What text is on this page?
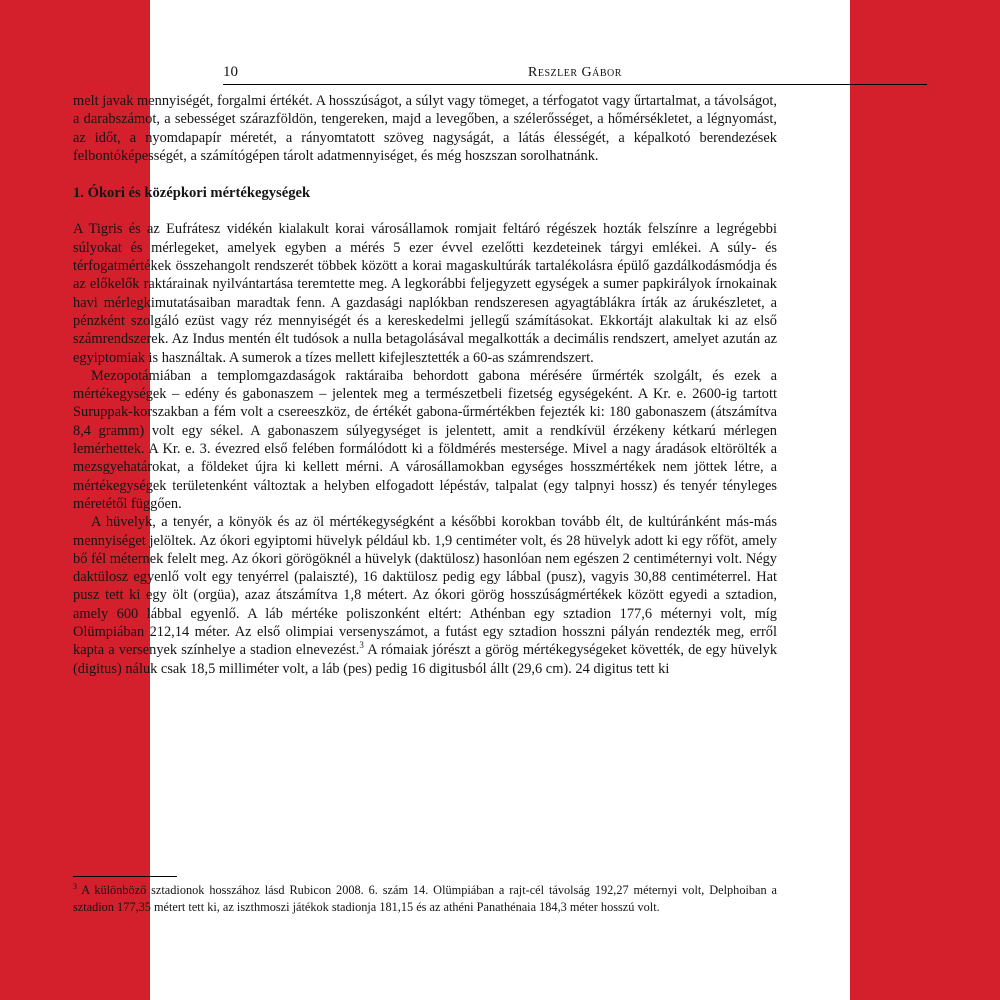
10	Reszler Gábor

melt javak mennyiségét, forgalmi értékét. A hosszúságot, a súlyt vagy tömeget, a térfogatot vagy űrtartalmat, a távolságot, a darabszámot, a sebességet szárazföldön, tengereken, majd a levegőben, a szélerősséget, a hőmérsékletet, a légnyomást, az időt, a nyomdapapír méretét, a rányomtatott szöveg nagyságát, a látás élességét, a képalkotó berendezések felbontóképességét, a számítógépen tárolt adatmennyiséget, és még hoszszan sorolhatnánk.

1. Ókori és középkori mértékegységek

A Tigris és az Eufrátesz vidékén kialakult korai városállamok romjait feltáró régészek hozták felszínre a legrégebbi súlyokat és mérlegeket, amelyek egyben a mérés 5 ezer évvel ezelőtti kezdeteinek tárgyi emlékei. A súly- és térfogatmértékek összehangolt rendszerét többek között a korai magaskultúrák tartalékolásra épülő gazdálkodásmódja és az előkelők raktárainak nyilvántartása teremtette meg. A legkorábbi feljegyzett egységek a sumer papkirályok írnokainak havi mérlegkimutatásaiban maradtak fenn. A gazdasági naplókban rendszeresen agyagtáblákra írták az árukészletet, a pénzként szolgáló ezüst vagy réz mennyiségét és a kereskedelmi jellegű számításokat. Ekkortájt alakultak ki az első számrendszerek. Az Indus mentén élt tudósok a nulla betagolásával megalkották a decimális rendszert, amelyet azután az egyiptomiak is használtak. A sumerok a tízes mellett kifejlesztették a 60-as számrendszert.

Mezopotámiában a templomgazdaságok raktáraiba behordott gabona mérésére űrmérték szolgált, és ezek a mértékegységek – edény és gabonaszem – jelentek meg a természetbeli fizetség egységeként. A Kr. e. 2600-ig tartott Suruppak-korszakban a fém volt a csereeszköz, de értékét gabona-űrmértékben fejezték ki: 180 gabonaszem (átszámítva 8,4 gramm) volt egy sékel. A gabonaszem súlyegységet is jelentett, amit a rendkívül érzékeny kétkarú mérlegen lemérhettek. A Kr. e. 3. évezred első felében formálódott ki a földmérés mestersége. Mivel a nagy áradások eltörölték a mezsgyehatárokat, a földeket újra ki kellett mérni. A városállamokban egységes hosszmértékek nem jöttek létre, a mértékegységek területenként változtak a helyben elfogadott lépéstáv, talpalat (egy talpnyi hossz) és tenyér tényleges méretétől függően.

A hüvelyk, a tenyér, a könyök és az öl mértékegységként a későbbi korokban tovább élt, de kultúránként más-más mennyiséget jelöltek. Az ókori egyiptomi hüvelyk például kb. 1,9 centiméter volt, és 28 hüvelyk adott ki egy rőföt, amely bő fél méternek felelt meg. Az ókori görögöknél a hüvelyk (daktülosz) hasonlóan nem egészen 2 centiméternyi volt. Négy daktülosz egyenlő volt egy tenyérrel (palaiszté), 16 daktülosz pedig egy lábbal (pusz), vagyis 30,88 centiméterrel. Hat pusz tett ki egy ölt (orgüa), azaz átszámítva 1,8 métert. Az ókori görög hosszúságmértékek között egyedi a sztadion, amely 600 lábbal egyenlő. A láb mértéke poliszonként eltért: Athénban egy sztadion 177,6 méternyi volt, míg Olümpiában 212,14 méter. Az első olimpiai versenyszámot, a futást egy sztadion hosszni pályán rendezték meg, erről kapta a versenyek színhelye a stadion elnevezést.$^3$ A rómaiak jórészt a görög mértékegységeket követték, de egy hüvelyk (digitus) náluk csak 18,5 milliméter volt, a láb (pes) pedig 16 digitusból állt (29,6 cm). 24 digitus tett ki

$^3$ A különböző sztadionok hosszához lásd Rubicon 2008. 6. szám 14. Olümpiában a rajt-cél távolság 192,27 méternyi volt, Delphoiban a sztadion 177,35 métert tett ki, az iszthmoszi játékok stadionja 181,15 és az athéni Panathénaia 184,3 méter hosszú volt.
